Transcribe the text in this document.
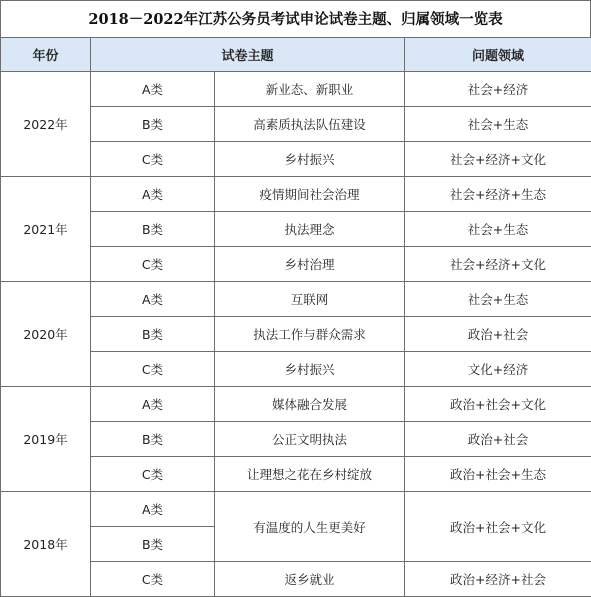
2018－2022年江苏公务员考试申论试卷主题、归属领域一览表
年份	试卷主题		问题领域
2022年	A类	新业态、新职业	社会+经济
	B类	高素质执法队伍建设	社会+生态
	C类	乡村振兴	社会+经济+文化
2021年	A类	疫情期间社会治理	社会+经济+生态
	B类	执法理念	社会+生态
	C类	乡村治理	社会+经济+文化
2020年	A类	互联网	社会+生态
	B类	执法工作与群众需求	政治+社会
	C类	乡村振兴	文化+经济
2019年	A类	媒体融合发展	政治+社会+文化
	B类	公正文明执法	政治+社会
	C类	让理想之花在乡村绽放	政治+社会+生态
2018年	A类	有温度的人生更美好	政治+社会+文化
	B类		
	C类	返乡就业	政治+经济+社会
